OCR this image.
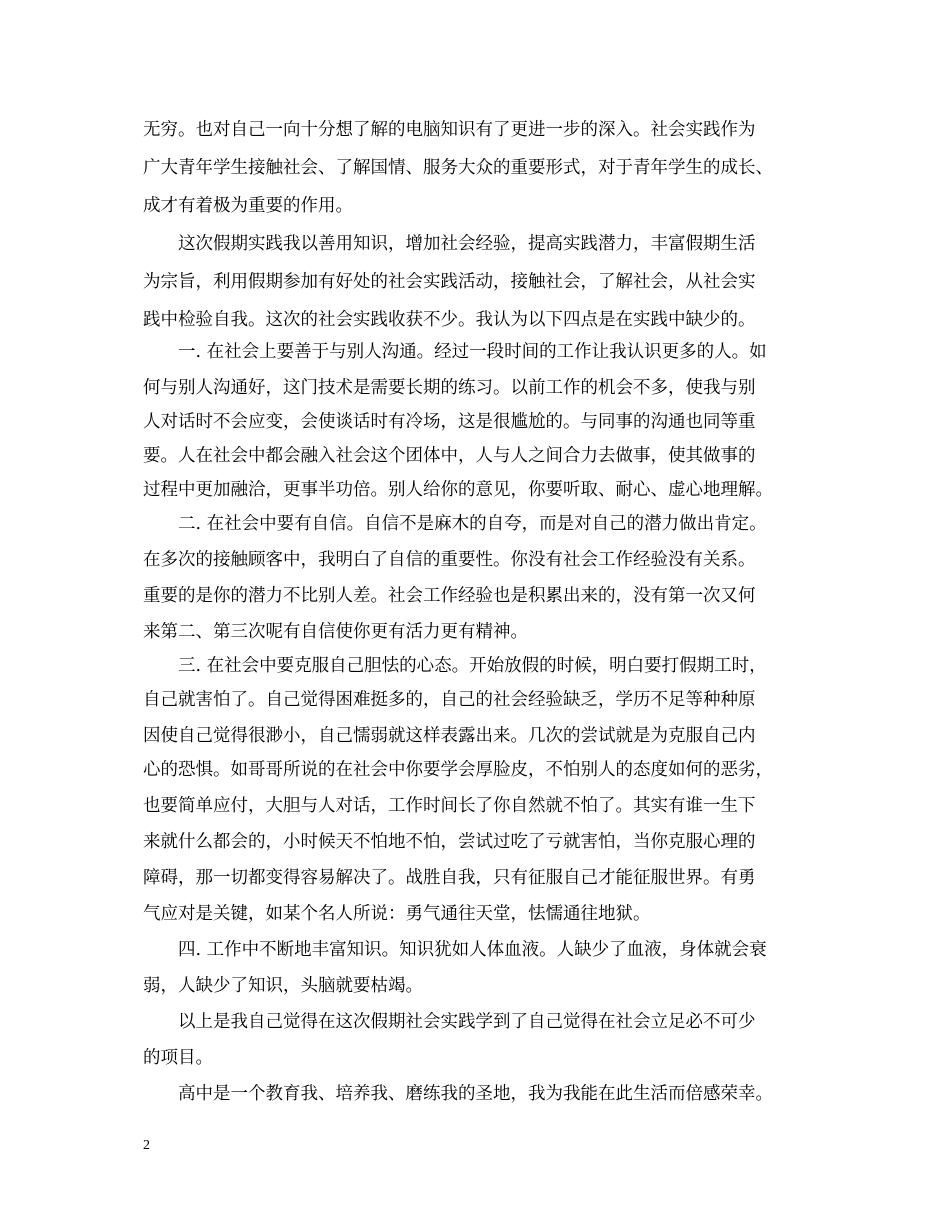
无穷。也对自己一向十分想了解的电脑知识有了更进一步的深入。社会实践作为
广大青年学生接触社会、了解国情、服务大众的重要形式，对于青年学生的成长、
成才有着极为重要的作用。
这次假期实践我以善用知识，增加社会经验，提高实践潜力，丰富假期生活
为宗旨，利用假期参加有好处的社会实践活动，接触社会，了解社会，从社会实
践中检验自我。这次的社会实践收获不少。我认为以下四点是在实践中缺少的。
一. 在社会上要善于与别人沟通。经过一段时间的工作让我认识更多的人。如
何与别人沟通好，这门技术是需要长期的练习。以前工作的机会不多，使我与别
人对话时不会应变，会使谈话时有冷场，这是很尴尬的。与同事的沟通也同等重
要。人在社会中都会融入社会这个团体中，人与人之间合力去做事，使其做事的
过程中更加融洽，更事半功倍。别人给你的意见，你要听取、耐心、虚心地理解。
二. 在社会中要有自信。自信不是麻木的自夸，而是对自己的潜力做出肯定。
在多次的接触顾客中，我明白了自信的重要性。你没有社会工作经验没有关系。
重要的是你的潜力不比别人差。社会工作经验也是积累出来的，没有第一次又何
来第二、第三次呢有自信使你更有活力更有精神。
三. 在社会中要克服自己胆怯的心态。开始放假的时候，明白要打假期工时，
自己就害怕了。自己觉得困难挺多的，自己的社会经验缺乏，学历不足等种种原
因使自己觉得很渺小，自己懦弱就这样表露出来。几次的尝试就是为克服自己内
心的恐惧。如哥哥所说的在社会中你要学会厚脸皮，不怕别人的态度如何的恶劣，
也要简单应付，大胆与人对话，工作时间长了你自然就不怕了。其实有谁一生下
来就什么都会的，小时候天不怕地不怕，尝试过吃了亏就害怕，当你克服心理的
障碍，那一切都变得容易解决了。战胜自我，只有征服自己才能征服世界。有勇
气应对是关键，如某个名人所说：勇气通往天堂，怯懦通往地狱。
四. 工作中不断地丰富知识。知识犹如人体血液。人缺少了血液，身体就会衰
弱，人缺少了知识，头脑就要枯竭。
以上是我自己觉得在这次假期社会实践学到了自己觉得在社会立足必不可少
的项目。
高中是一个教育我、培养我、磨练我的圣地，我为我能在此生活而倍感荣幸。
2
